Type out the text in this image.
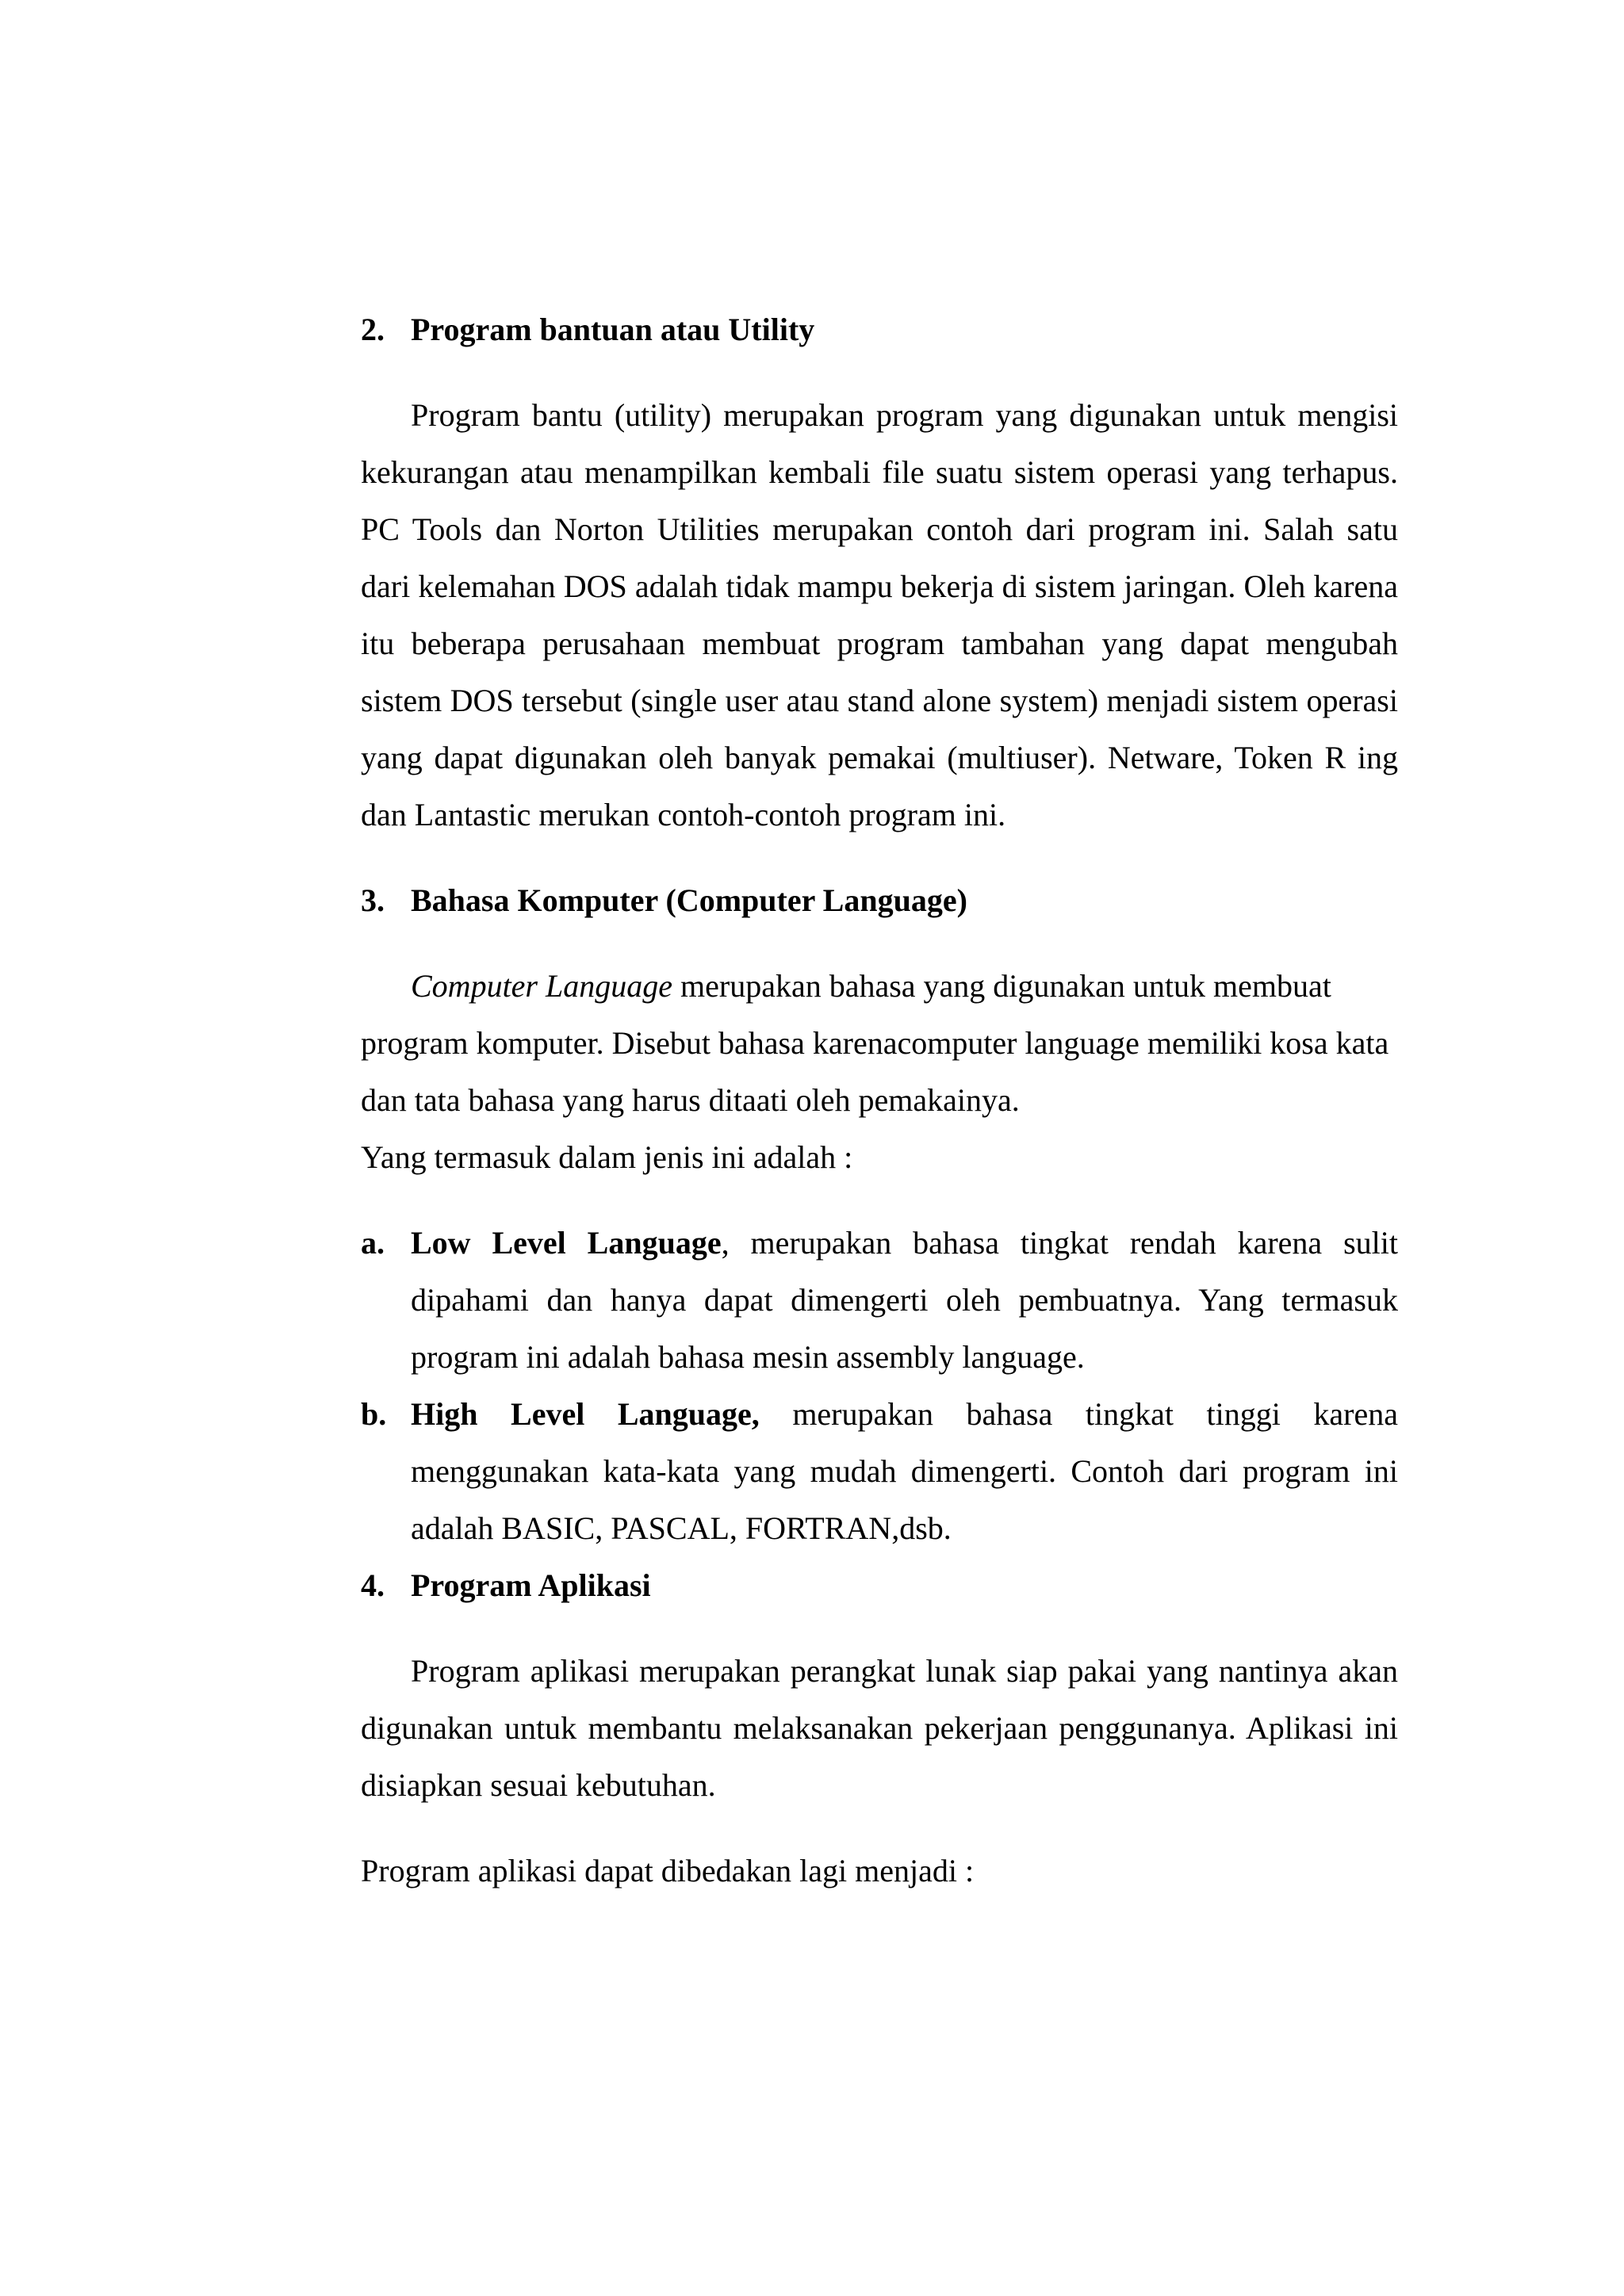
2. Program bantuan atau Utility

Program bantu (utility) merupakan program yang digunakan untuk mengisi kekurangan atau menampilkan kembali file suatu sistem operasi yang terhapus. PC Tools dan Norton Utilities merupakan contoh dari program ini. Salah satu dari kelemahan DOS adalah tidak mampu bekerja di sistem jaringan. Oleh karena itu beberapa perusahaan membuat program tambahan yang dapat mengubah sistem DOS tersebut (single user atau stand alone system) menjadi sistem operasi yang dapat digunakan oleh banyak pemakai (multiuser). Netware, Token R ing dan Lantastic merukan contoh-contoh program ini.

3. Bahasa Komputer (Computer Language)

Computer Language merupakan bahasa yang digunakan untuk membuat program komputer. Disebut bahasa karenacomputer language memiliki kosa kata dan tata bahasa yang harus ditaati oleh pemakainya.

Yang termasuk dalam jenis ini adalah :

a. Low Level Language, merupakan bahasa tingkat rendah karena sulit dipahami dan hanya dapat dimengerti oleh pembuatnya. Yang termasuk program ini adalah bahasa mesin assembly language.
b. High Level Language, merupakan bahasa tingkat tinggi karena menggunakan kata-kata yang mudah dimengerti. Contoh dari program ini adalah BASIC, PASCAL, FORTRAN,dsb.
4. Program Aplikasi

Program aplikasi merupakan perangkat lunak siap pakai yang nantinya akan digunakan untuk membantu melaksanakan pekerjaan penggunanya. Aplikasi ini disiapkan sesuai kebutuhan.

Program aplikasi dapat dibedakan lagi menjadi :
